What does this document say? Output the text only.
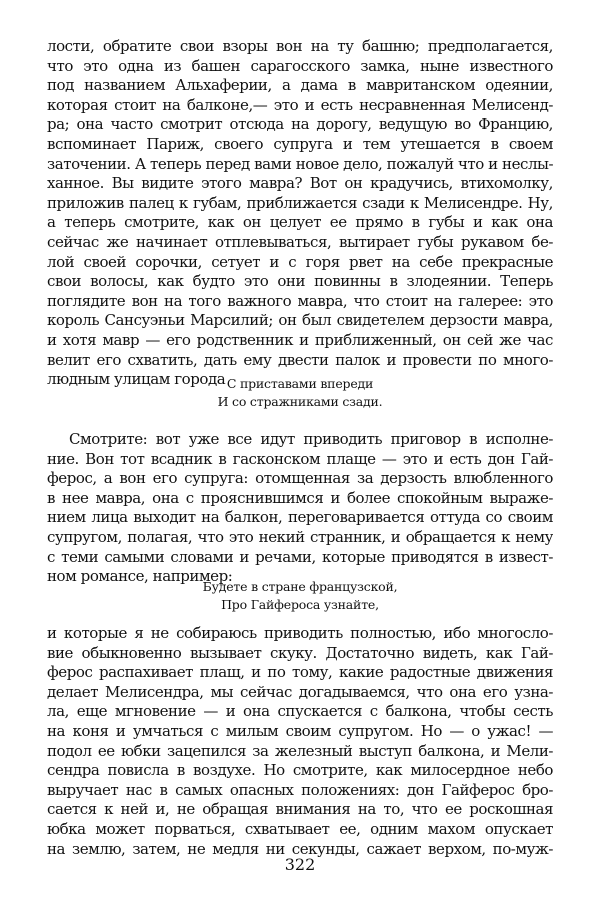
лости, обратите свои взоры вон на ту башню; предполагается,
что это одна из башен сарагосского замка, ныне известного
под названием Альхаферии, а дама в мавританском одеянии,
которая стоит на балконе,— это и есть несравненная Мелисенд-
ра; она часто смотрит отсюда на дорогу, ведущую во Францию,
вспоминает Париж, своего супруга и тем утешается в своем
заточении. А теперь перед вами новое дело, пожалуй что и неслы-
ханное. Вы видите этого мавра? Вот он крадучись, втихомолку,
приложив палец к губам, приближается сзади к Мелисендре. Ну,
а теперь смотрите, как он целует ее прямо в губы и как она
сейчас же начинает отплевываться, вытирает губы рукавом бе-
лой своей сорочки, сетует и с горя рвет на себе прекрасные
свои волосы, как будто это они повинны в злодеянии. Теперь
поглядите вон на того важного мавра, что стоит на галерее: это
король Сансуэньи Марсилий; он был свидетелем дерзости мавра,
и хотя мавр — его родственник и приближенный, он сей же час
велит его схватить, дать ему двести палок и провести по много-
людным улицам города С приставами впереди
И со стражниками сзади.
Смотрите: вот уже все идут приводить приговор в исполне-
ние. Вон тот всадник в гасконском плаще — это и есть дон Гай-
ферос, а вон его супруга: отомщенная за дерзость влюбленного
в нее мавра, она с прояснившимся и более спокойным выраже-
нием лица выходит на балкон, переговаривается оттуда со своим
супругом, полагая, что это некий странник, и обращается к нему
с теми самыми словами и речами, которые приводятся в извест-
ном романсе, например:
Будете в стране французской,
Про Гайфероса узнайте,
и которые я не собираюсь приводить полностью, ибо многосло-
вие обыкновенно вызывает скуку. Достаточно видеть, как Гай-
ферос распахивает плащ, и по тому, какие радостные движения
делает Мелисендра, мы сейчас догадываемся, что она его узна-
ла, еще мгновение — и она спускается с балкона, чтобы сесть
на коня и умчаться с милым своим супругом. Но — о ужас! —
подол ее юбки зацепился за железный выступ балкона, и Мели-
сендра повисла в воздухе. Но смотрите, как милосердное небо
выручает нас в самых опасных положениях: дон Гайферос бро-
сается к ней и, не обращая внимания на то, что ее роскошная
юбка может порваться, схватывает ее, одним махом опускает
на землю, затем, не медля ни секунды, сажает верхом, по-муж-
322
